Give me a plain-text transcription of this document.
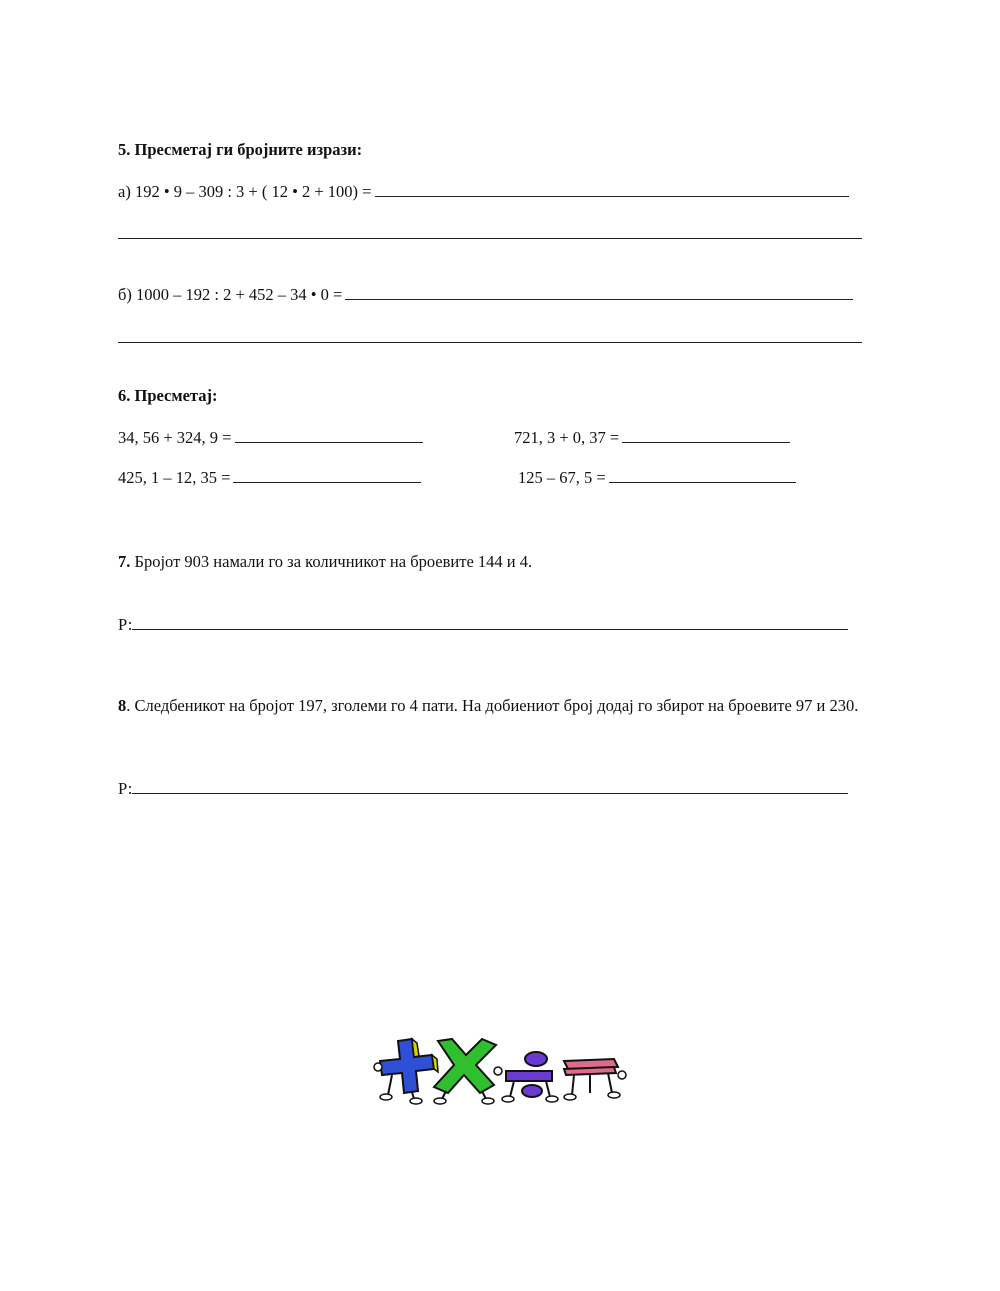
5. Пресметај ги бројните изрази:
а) 192 • 9 – 309 : 3 + ( 12 • 2 + 100) =
б) 1000 – 192 : 2 + 452 – 34 • 0 =
6. Пресметај:
34, 56 + 324, 9 =	721, 3 + 0, 37 =
425, 1 – 12, 35 =	125 – 67, 5 =
7. Бројот 903 намали го за количникот на броевите 144 и 4.
Р:
8. Следбеникот на бројот 197, зголеми го 4 пати. На добиениот број додај го збирот на броевите 97 и 230.
Р:
